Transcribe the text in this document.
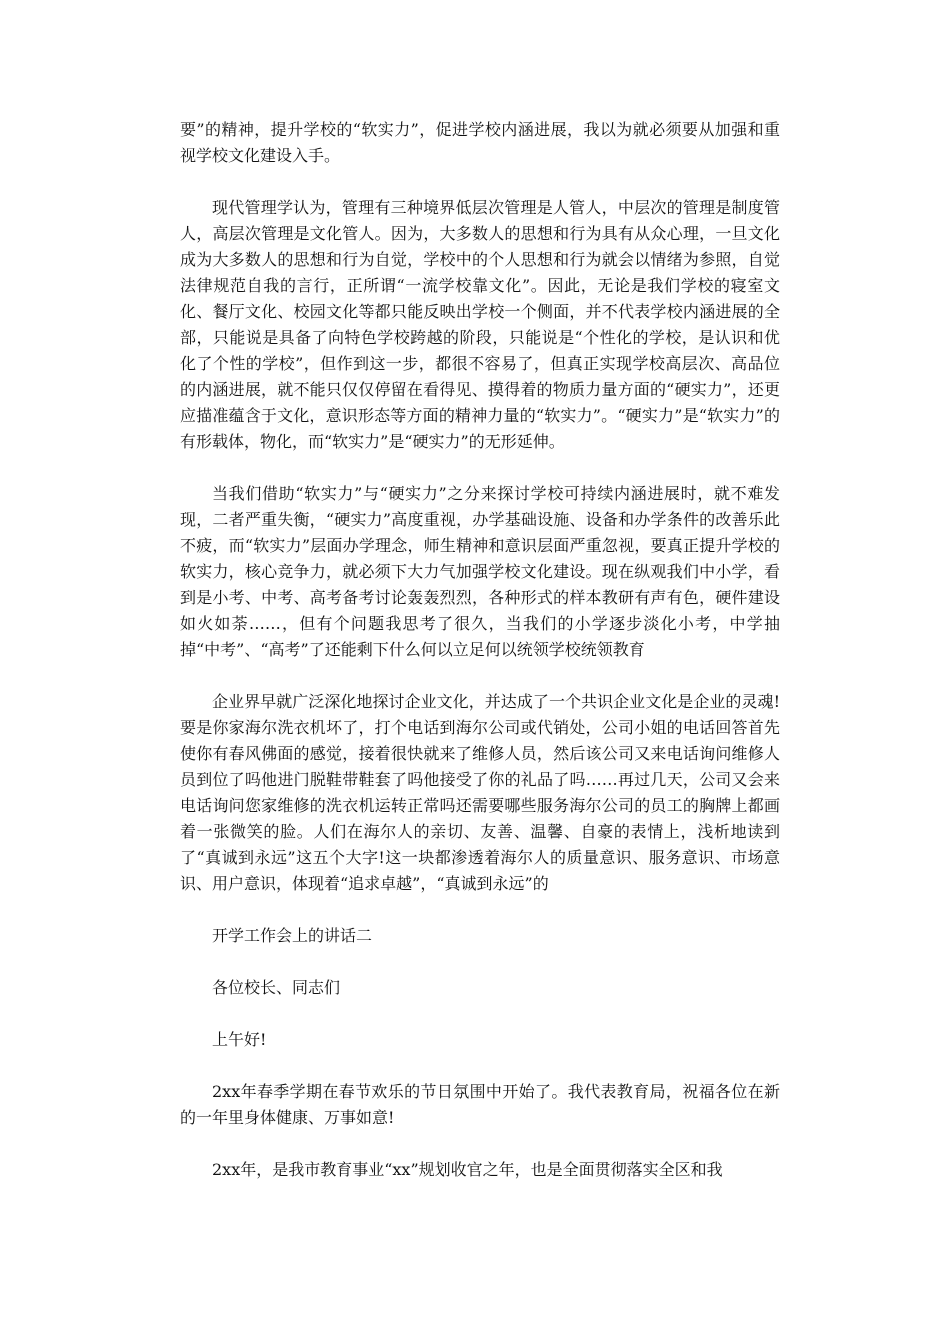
要”的精神，提升学校的“软实力”，促进学校内涵进展，我以为就必须要从加强和重视学校文化建设入手。

现代管理学认为，管理有三种境界低层次管理是人管人，中层次的管理是制度管人，高层次管理是文化管人。因为，大多数人的思想和行为具有从众心理，一旦文化成为大多数人的思想和行为自觉，学校中的个人思想和行为就会以情绪为参照，自觉法律规范自我的言行，正所谓“一流学校靠文化”。因此，无论是我们学校的寝室文化、餐厅文化、校园文化等都只能反映出学校一个侧面，并不代表学校内涵进展的全部，只能说是具备了向特色学校跨越的阶段，只能说是“个性化的学校，是认识和优化了个性的学校”，但作到这一步，都很不容易了，但真正实现学校高层次、高品位的内涵进展，就不能只仅仅停留在看得见、摸得着的物质力量方面的“硬实力”，还更应描准蕴含于文化，意识形态等方面的精神力量的“软实力”。“硬实力”是“软实力”的有形载体，物化，而“软实力”是“硬实力”的无形延伸。

当我们借助“软实力”与“硬实力”之分来探讨学校可持续内涵进展时，就不难发现，二者严重失衡，“硬实力”高度重视，办学基础设施、设备和办学条件的改善乐此不疲，而“软实力”层面办学理念，师生精神和意识层面严重忽视，要真正提升学校的软实力，核心竞争力，就必须下大力气加强学校文化建设。现在纵观我们中小学，看到是小考、中考、高考备考讨论轰轰烈烈，各种形式的样本教研有声有色，硬件建设如火如荼……，但有个问题我思考了很久，当我们的小学逐步淡化小考，中学抽掉“中考”、“高考”了还能剩下什么何以立足何以统领学校统领教育

企业界早就广泛深化地探讨企业文化，并达成了一个共识企业文化是企业的灵魂!要是你家海尔洗衣机坏了，打个电话到海尔公司或代销处，公司小姐的电话回答首先使你有春风佛面的感觉，接着很快就来了维修人员，然后该公司又来电话询问维修人员到位了吗他进门脱鞋带鞋套了吗他接受了你的礼品了吗……再过几天，公司又会来电话询问您家维修的洗衣机运转正常吗还需要哪些服务海尔公司的员工的胸牌上都画着一张微笑的脸。人们在海尔人的亲切、友善、温馨、自豪的表情上，浅析地读到了“真诚到永远”这五个大字!这一块都渗透着海尔人的质量意识、服务意识、市场意识、用户意识，体现着“追求卓越”，“真诚到永远”的

开学工作会上的讲话二

各位校长、同志们

上午好!

2xx年春季学期在春节欢乐的节日氛围中开始了。我代表教育局，祝福各位在新的一年里身体健康、万事如意!

2xx年，是我市教育事业“xx”规划收官之年，也是全面贯彻落实全区和我
